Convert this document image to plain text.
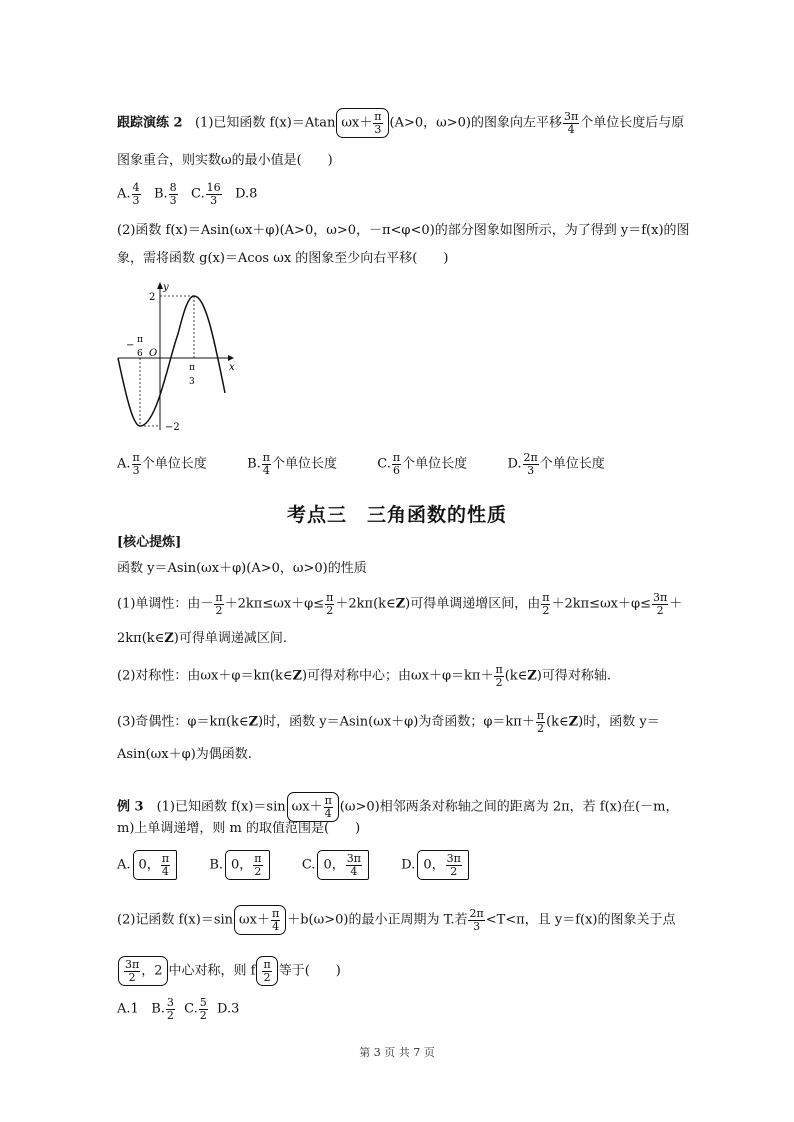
跟踪演练 2 (1)已知函数 f(x)＝Atan $\omega x+ \frac{\pi}{3} (A>0$，ω>0)的图象向左平移 $\frac{3\pi}{4}$ 个单位长度后与原
图象重合，则实数ω的最小值是(　　)
A. $\frac{4}{3} B$. $\frac{8}{3} C$. $\frac{16}{3} D.8$
(2)函数 f(x)＝Asin(ωx＋φ)(A>0，ω>0，－π<φ<0)的部分图象如图所示，为了得到 y＝f(x)的图
象，需将函数 g(x)＝Acos ωx 的图象至少向右平移(　　)
y
x
O
2
−2
− π
6
π
3
A. $\frac{\pi}{3}$ 个单位长度	B. $\frac{\pi}{4}$ 个单位长度	C. $\frac{\pi}{6}$ 个单位长度	D. $\frac{2\pi}{3}$ 个单位长度
考点三　三角函数的性质
[核心提炼]
函数 y＝Asin(ωx＋φ)(A>0，ω>0)的性质
(1)单调性：由－ $\frac{\pi}{2} +2k\pi\le\omega x+\varphi\le \frac{\pi}{2}$ ＋2kπ(k∈Z)可得单调递增区间，由 $\frac{\pi}{2} +2k\pi\le\omega x+\varphi\le \frac{3\pi}{2}$ ＋
2kπ(k∈Z)可得单调递减区间.
(2)对称性：由ωx＋φ＝kπ(k∈Z)可得对称中心；由$\omega x+\varphi=k\pi+ \frac{\pi}{2}$ (k∈Z)可得对称轴.
(3)奇偶性：φ＝kπ(k∈Z)时，函数 y＝Asin(ωx＋φ)为奇函数；$\varphi=k\pi+ \frac{\pi}{2}$ (k∈Z)时，函数 y＝
Asin(ωx＋φ)为偶函数.
例 3　(1)已知函数 f(x)＝sin $\omega x+ \frac{\pi}{4} (\omega>0)$相邻两条对称轴之间的距离为 2π，若 f(x)在(－m，
m)上单调递增，则 m 的取值范围是(　　)
A. 0， $\frac{\pi}{4}$	B. 0， $\frac{\pi}{2}$	C. 0， $\frac{3\pi}{4}$	D. 0， $\frac{3\pi}{2}$
(2)记函数 f(x)＝sin $\omega x+ \frac{\pi}{4} +b(\omega>0)$的最小正周期为 T.若 $\frac{2\pi}{3} <T<\pi$，且 y＝f(x)的图象关于点
$\frac{3\pi}{2}$ ，2 中心对称，则 f $\frac{\pi}{2}$ 等于(　　)
A.1 B. $\frac{3}{2} C$. $\frac{5}{2} D.3$
第 3 页 共 7 页
